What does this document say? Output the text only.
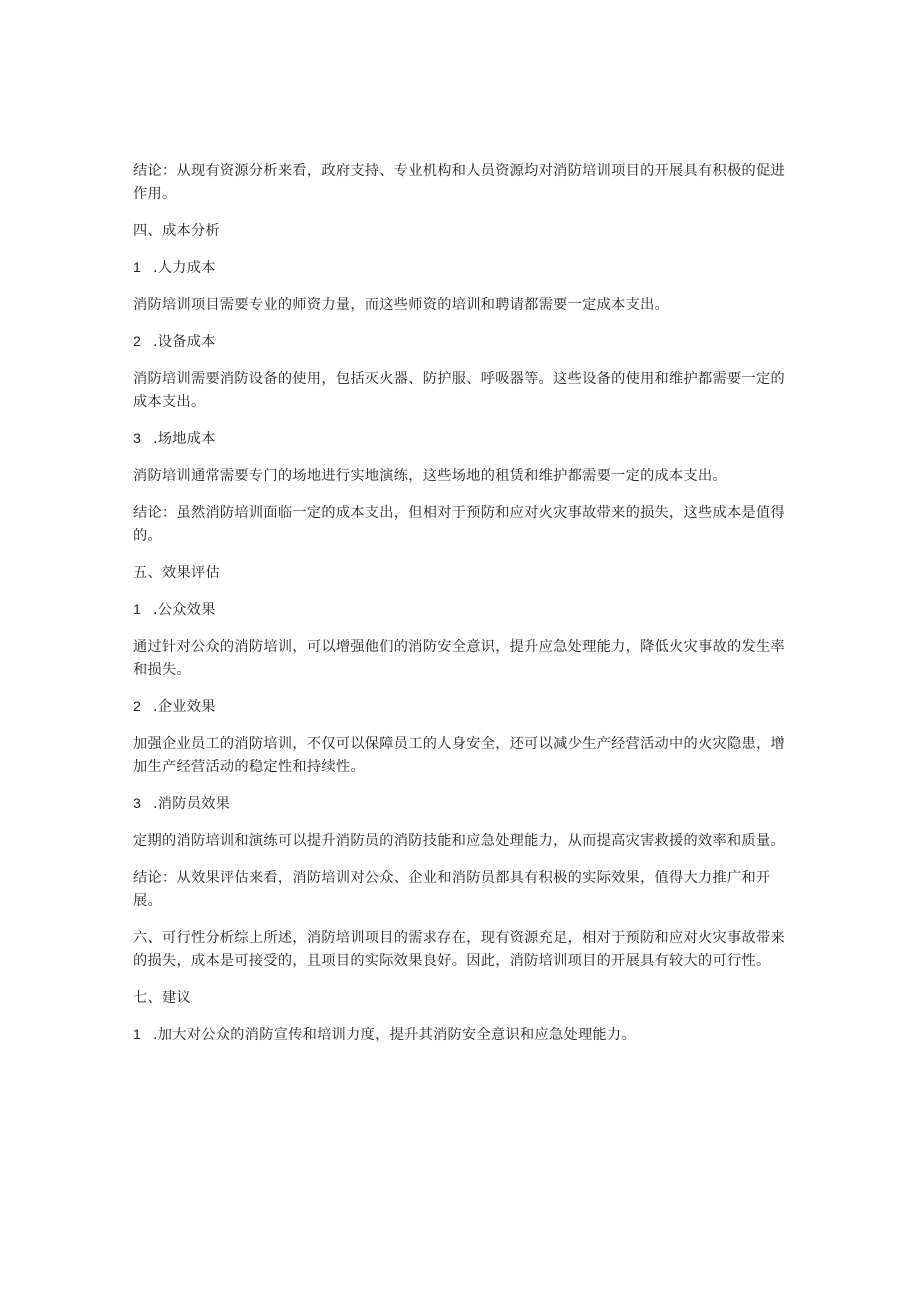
结论：从现有资源分析来看，政府支持、专业机构和人员资源均对消防培训项目的开展具有积极的促进作用。

四、成本分析

1 .人力成本

消防培训项目需要专业的师资力量，而这些师资的培训和聘请都需要一定成本支出。

2 .设备成本

消防培训需要消防设备的使用，包括灭火器、防护服、呼吸器等。这些设备的使用和维护都需要一定的成本支出。

3 .场地成本

消防培训通常需要专门的场地进行实地演练，这些场地的租赁和维护都需要一定的成本支出。

结论：虽然消防培训面临一定的成本支出，但相对于预防和应对火灾事故带来的损失，这些成本是值得的。

五、效果评估

1 .公众效果

通过针对公众的消防培训，可以增强他们的消防安全意识，提升应急处理能力，降低火灾事故的发生率和损失。

2 .企业效果

加强企业员工的消防培训，不仅可以保障员工的人身安全，还可以减少生产经营活动中的火灾隐患，增加生产经营活动的稳定性和持续性。

3 .消防员效果

定期的消防培训和演练可以提升消防员的消防技能和应急处理能力，从而提高灾害救援的效率和质量。

结论：从效果评估来看，消防培训对公众、企业和消防员都具有积极的实际效果，值得大力推广和开展。

六、可行性分析综上所述，消防培训项目的需求存在，现有资源充足，相对于预防和应对火灾事故带来的损失，成本是可接受的，且项目的实际效果良好。因此，消防培训项目的开展具有较大的可行性。

七、建议

1 .加大对公众的消防宣传和培训力度，提升其消防安全意识和应急处理能力。
